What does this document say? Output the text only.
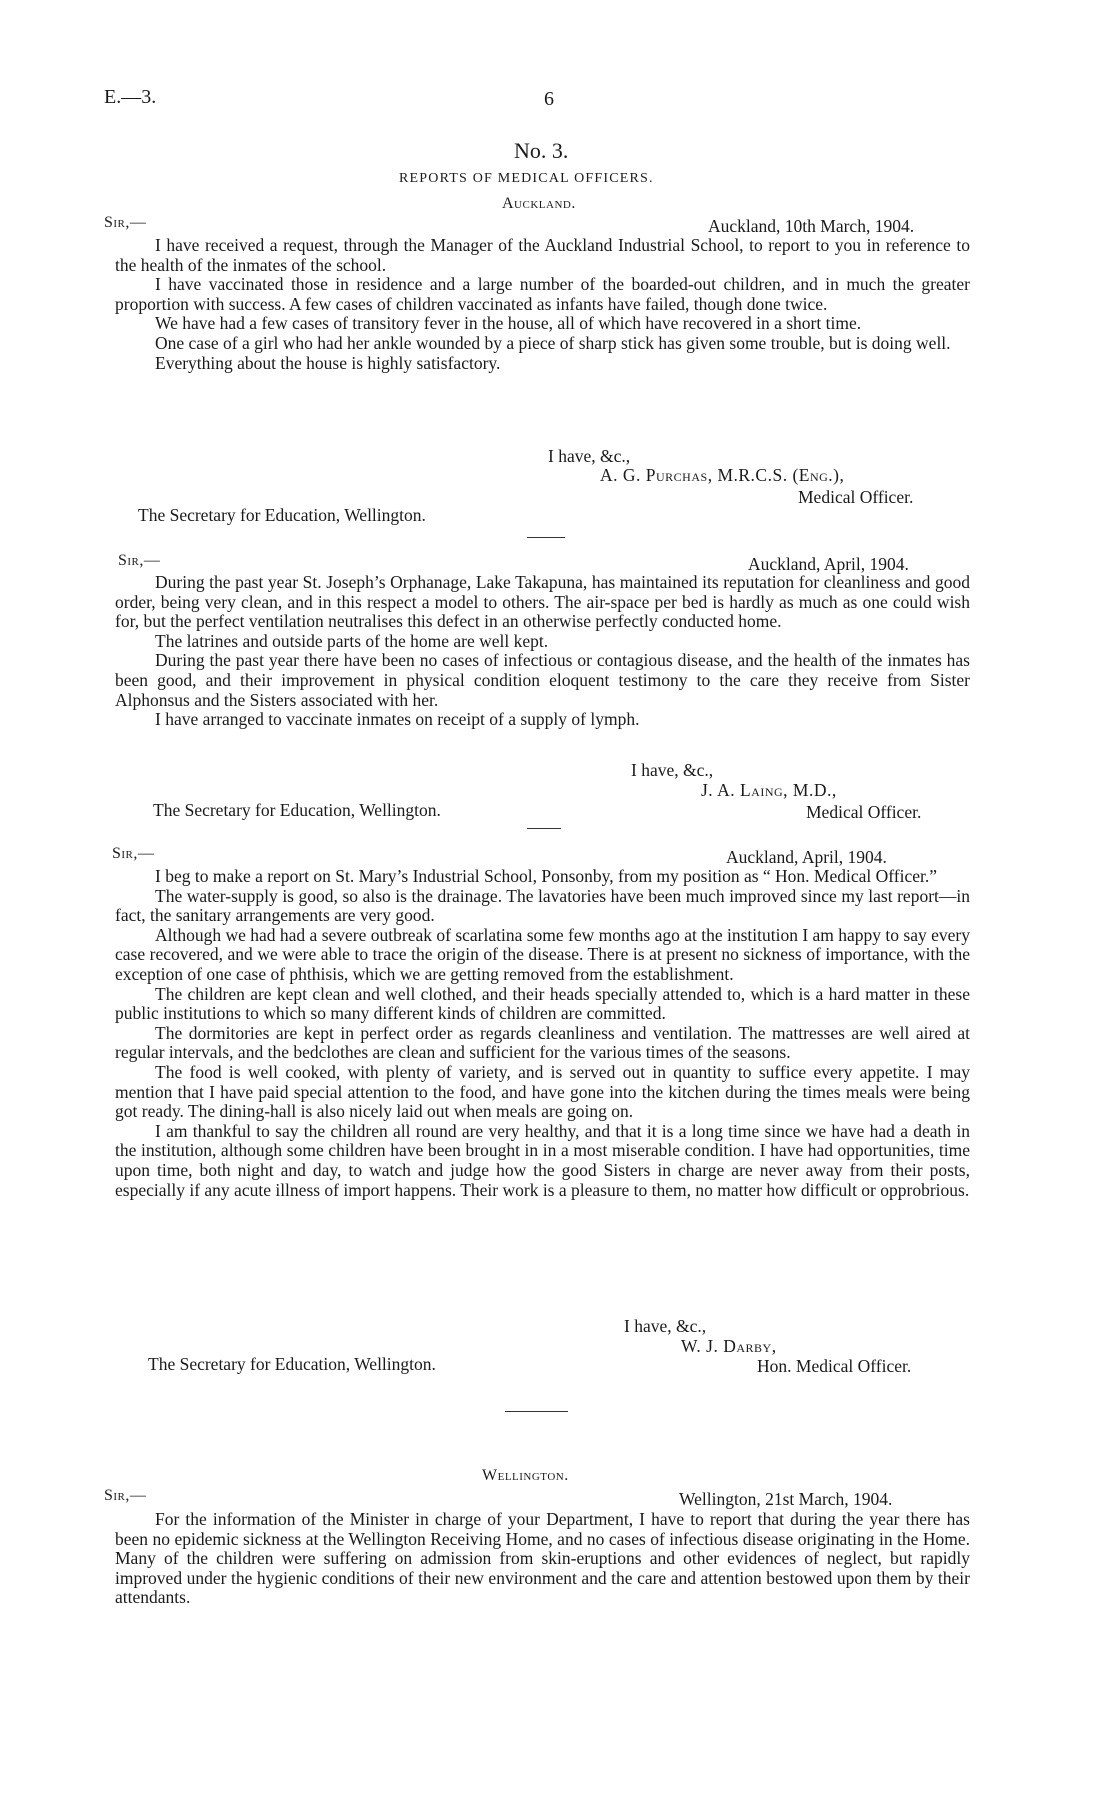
E.—3.	6
No. 3.
REPORTS OF MEDICAL OFFICERS.
Auckland.
Sir,—	Auckland, 10th March, 1904.

I have received a request, through the Manager of the Auckland Industrial School, to report to you in reference to the health of the inmates of the school.

I have vaccinated those in residence and a large number of the boarded-out children, and in much the greater proportion with success. A few cases of children vaccinated as infants have failed, though done twice.

We have had a few cases of transitory fever in the house, all of which have recovered in a short time.

One case of a girl who had her ankle wounded by a piece of sharp stick has given some trouble, but is doing well.

Everything about the house is highly satisfactory.

I have, &c.,
A. G. Purchas, M.R.C.S. (Eng.),
Medical Officer.
The Secretary for Education, Wellington.
Sir,—	Auckland, April, 1904.

During the past year St. Joseph’s Orphanage, Lake Takapuna, has maintained its reputation for cleanliness and good order, being very clean, and in this respect a model to others. The air-space per bed is hardly as much as one could wish for, but the perfect ventilation neutralises this defect in an otherwise perfectly conducted home.

The latrines and outside parts of the home are well kept.

During the past year there have been no cases of infectious or contagious disease, and the health of the inmates has been good, and their improvement in physical condition eloquent testimony to the care they receive from Sister Alphonsus and the Sisters associated with her.

I have arranged to vaccinate inmates on receipt of a supply of lymph.

I have, &c.,
J. A. Laing, M.D.,
The Secretary for Education, Wellington.	Medical Officer.
Sir,—	Auckland, April, 1904.

I beg to make a report on St. Mary’s Industrial School, Ponsonby, from my position as “ Hon. Medical Officer.”

The water-supply is good, so also is the drainage. The lavatories have been much improved since my last report—in fact, the sanitary arrangements are very good.

Although we had had a severe outbreak of scarlatina some few months ago at the institution I am happy to say every case recovered, and we were able to trace the origin of the disease. There is at present no sickness of importance, with the exception of one case of phthisis, which we are getting removed from the establishment.

The children are kept clean and well clothed, and their heads specially attended to, which is a hard matter in these public institutions to which so many different kinds of children are committed.

The dormitories are kept in perfect order as regards cleanliness and ventilation. The mattresses are well aired at regular intervals, and the bedclothes are clean and sufficient for the various times of the seasons.

The food is well cooked, with plenty of variety, and is served out in quantity to suffice every appetite. I may mention that I have paid special attention to the food, and have gone into the kitchen during the times meals were being got ready. The dining-hall is also nicely laid out when meals are going on.

I am thankful to say the children all round are very healthy, and that it is a long time since we have had a death in the institution, although some children have been brought in in a most miserable condition. I have had opportunities, time upon time, both night and day, to watch and judge how the good Sisters in charge are never away from their posts, especially if any acute illness of import happens. Their work is a pleasure to them, no matter how difficult or opprobrious.

I have, &c.,
W. J. Darby,
The Secretary for Education, Wellington.	Hon. Medical Officer.
Wellington.
Sir,—	Wellington, 21st March, 1904.

For the information of the Minister in charge of your Department, I have to report that during the year there has been no epidemic sickness at the Wellington Receiving Home, and no cases of infectious disease originating in the Home. Many of the children were suffering on admission from skin-eruptions and other evidences of neglect, but rapidly improved under the hygienic conditions of their new environment and the care and attention bestowed upon them by their attendants.
